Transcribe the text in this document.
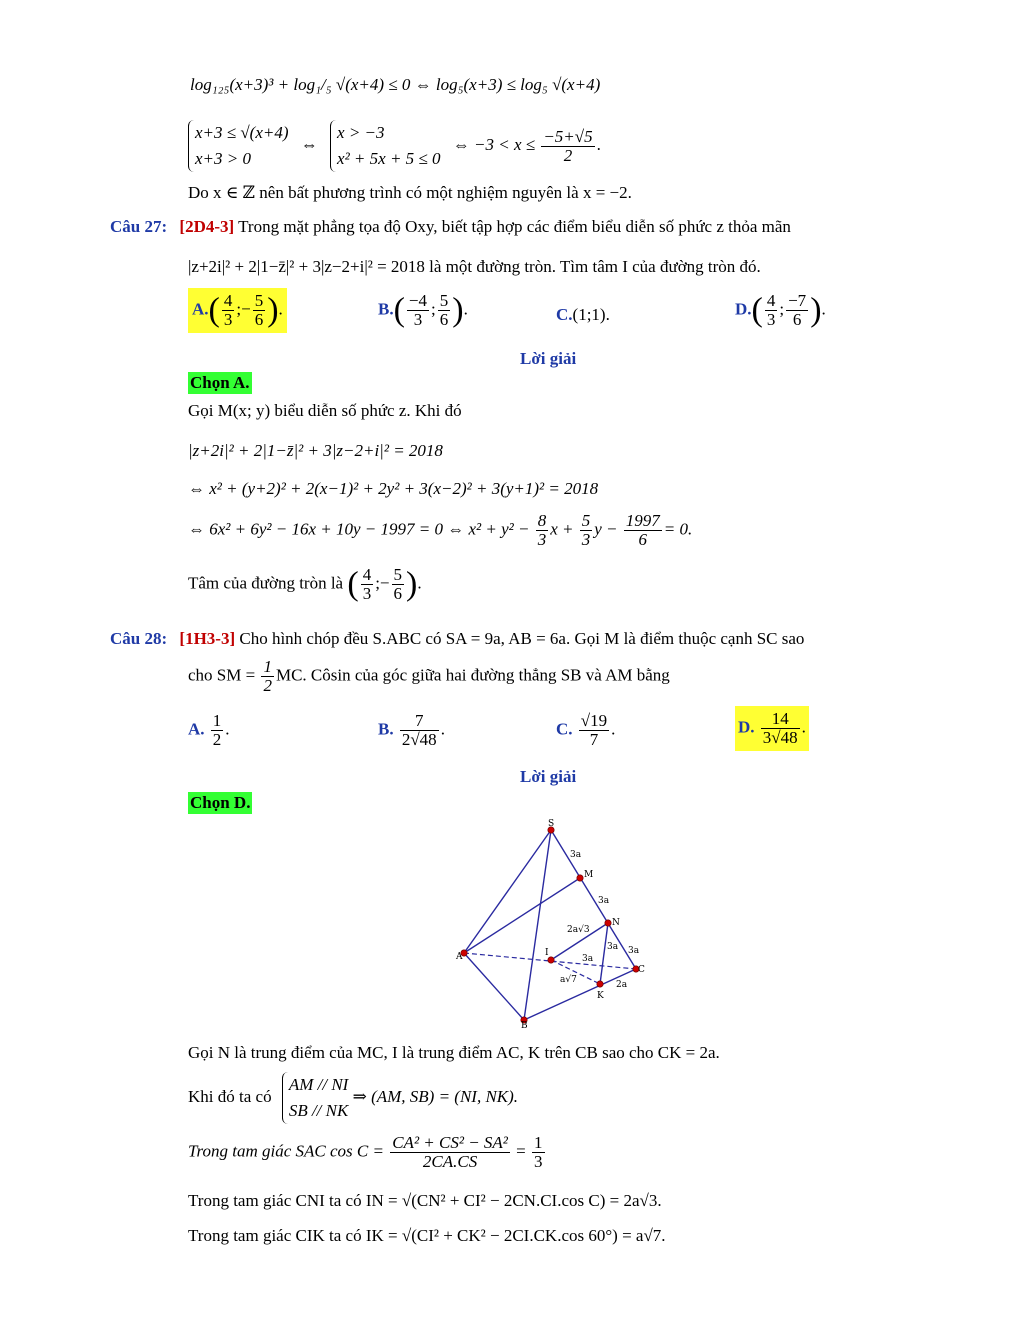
log₁₂₅(x+3)³ + log₁/₅ √(x+4) ≤ 0 ⇔ log₅(x+3) ≤ log₅ √(x+4)
x+3 ≤ √(x+4)
x+3 > 0
⇔
x > −3
x² + 5x + 5 ≤ 0
⇔ $-3 < x \le \frac{-5+√5}{2}$ .
Do x ∈ ℤ nên bất phương trình có một nghiệm nguyên là x = −2.
Câu 27: [2D4-3] Trong mặt phẳng tọa độ Oxy, biết tập hợp các điểm biểu diễn số phức z thỏa mãn
|z+2i|² + 2|1−z̄|² + 3|z−2+i|² = 2018 là một đường tròn. Tìm tâm I của đường tròn đó.
$A.( \frac{4}{3}$ ;− $\frac{5}{6}$ ).	$B.( \frac{-4}{3}$ ; $\frac{5}{6}$ ).	C.(1;1).	$D.( \frac{4}{3}$ ; $\frac{-7}{6}$ ).
Lời giải
Chọn A.
Gọi M(x; y) biểu diễn số phức z. Khi đó
|z+2i|² + 2|1−z̄|² + 3|z−2+i|² = 2018
⇔ x² + (y+2)² + 2(x−1)² + 2y² + 3(x−2)² + 3(y+1)² = 2018
⇔ 6x² + 6y² − 16x + 10y − 1997 = 0 ⇔ $x^2 + y^2 - \frac{8}{3}$ $x + \frac{5}{3}$ $y - \frac{1997}{6} = 0$.
Tâm của đường tròn là ( $\frac{4}{3}$ ;− $\frac{5}{6}$ ).
Câu 28: [1H3-3] Cho hình chóp đều S.ABC có SA = 9a, AB = 6a. Gọi M là điểm thuộc cạnh SC sao
cho SM = $\frac{1}{2}$ MC. Côsin của góc giữa hai đường thẳng SB và AM bằng
A. $\frac{1}{2}$ .	B. $\frac{7}{2√48}$ .	C. $\frac{√19}{7}$ .	D. $\frac{14}{3√48}$ .
Lời giải
Chọn D.
S
M
N
A	I
C
K
B
3a
3a
3a
3a
3a
2a√3
a√7	2a
Gọi N là trung điểm của MC, I là trung điểm AC, K trên CB sao cho CK = 2a.
Khi đó ta có
AM // NI
SB // NK
⇒ (AM, SB) = (NI, NK).
Trong tam giác SAC $\cos C = \frac{\text{CA² + CS² − SA²}}{2CA.CS} = \frac{1}{3}$
Trong tam giác CNI ta có IN = √(CN² + CI² − 2CN.CI.cos C) = 2a√3.
Trong tam giác CIK ta có IK = √(CI² + CK² − 2CI.CK.cos 60°) = a√7.
